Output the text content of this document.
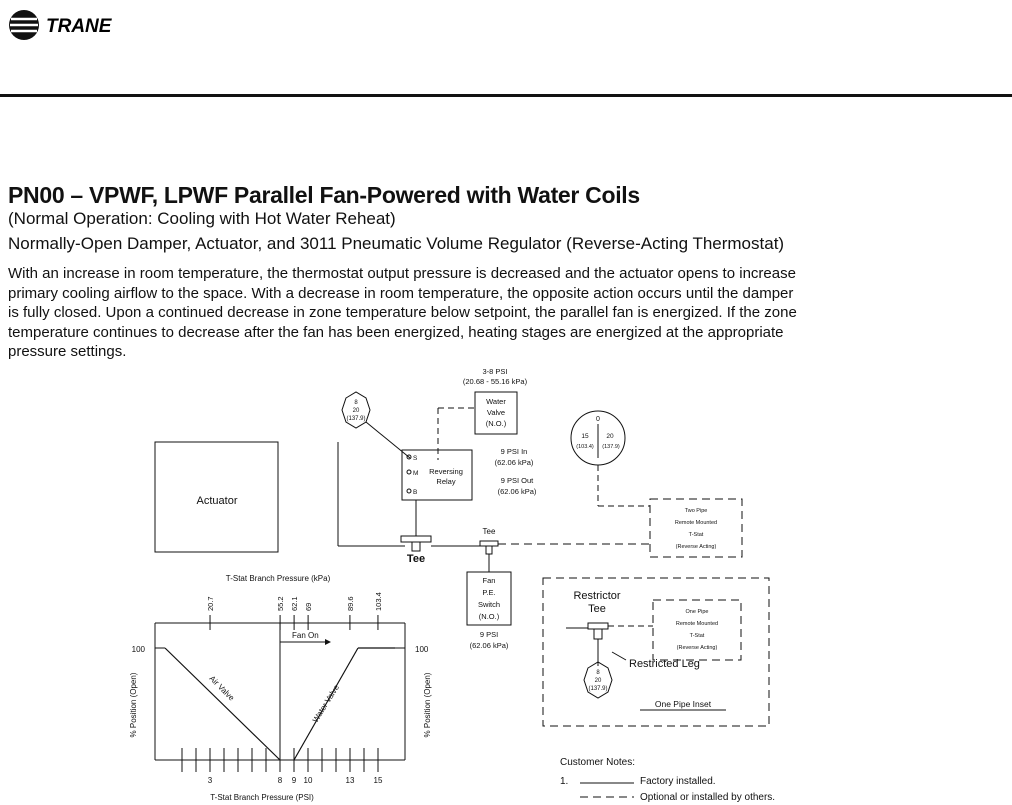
TRANE
PN00 – VPWF, LPWF Parallel Fan-Powered with Water Coils
(Normal Operation: Cooling with Hot Water Reheat)
Normally-Open Damper, Actuator, and 3011 Pneumatic Volume Regulator (Reverse-Acting Thermostat)
With an increase in room temperature, the thermostat output pressure is decreased and the actuator opens to increase
primary cooling airflow to the space. With a decrease in room temperature, the opposite action occurs until the damper
is fully closed. Upon a continued decrease in zone temperature below setpoint, the parallel fan is energized. If the zone
temperature continues to decrease after the fan has been energized, heating stages are energized at the appropriate
pressure settings.
3-8 PSI
(20.68 - 55.16 kPa)
Water
Valve
(N.O.)
8
20
(137.9)
S
M
B
Reversing
Relay
9 PSI In
(62.06 kPa)
9 PSI Out
(62.06 kPa)
0
15	20
(103.4) (137.9)
Actuator
Tee
Tee
Two Pipe
Remote Mounted
T-Stat
(Reverse Acting)
Fan
P.E.
Switch
(N.O.)
9 PSI
(62.06 kPa)
Restrictor
Tee	One Pipe
Remote Mounted
T-Stat
(Reverse Acting)
Restricted Leg
8
20
(137.9)
One Pipe Inset
T-Stat Branch Pressure (kPa)
100	100
% Position (Open)	% Position (Open)
20.7	55.2 62.1 69	89.6	103.4
3	8 9 10	13 15
Fan On
Air Valve	Water Valve
T-Stat Branch Pressure (PSI)
Customer Notes:
1.	Factory installed.
Optional or installed by others.
